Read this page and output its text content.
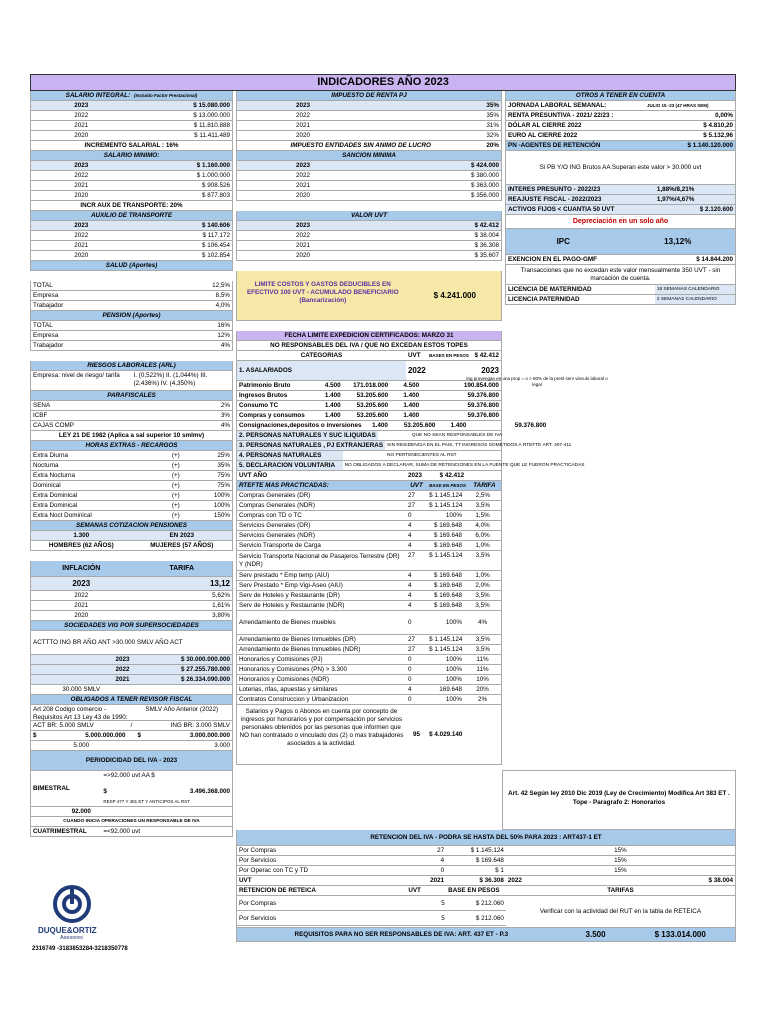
INDICADORES AÑO 2023
SALARIO INTEGRAL: (Incluido Factor Prestacional)
2023	$ 15.080.000
2022	$ 13.000.000
2021	$ 11.810.888
2020	$ 11.411.489
INCREMENTO SALARIAL : 16%
SALARIO MINIMO:
2023	$ 1.160.000
2022	$ 1.000.000
2021	$ 908.526
2020	$ 877.803
INCR AUX DE TRANSPORTE: 20%
AUXILIO DE TRANSPORTE
2023	$ 140.606
2022	$ 117.172
2021	$ 106.454
2020	$ 102.854
SALUD (Aportes)
TOTAL	12,5%
Empresa	8,5%
Trabajador	4,0%
PENSION (Aportes)
TOTAL	16%
Empresa	12%
Trabajador	4%
RIESGOS LABORALES (ARL)
Empresa: nivel de riesgo/ tarifa	I. (0,522%) II. (1,044%) III. (2,436%) IV. (4,350%)
PARAFISCALES
SENA	2%
ICBF	3%
CAJAS COMP	4%
LEY 21 DE 1982 (Aplica a sal superior 10 smlmv)
HORAS EXTRAS - RECARGOS
Extra Diurna	(+)	25%
Nocturna	(+)	35%
Extra Nocturna	(+)	75%
Dominical	(+)	75%
Extra Dominical	(+)	100%
Extra Dominical	(+)	100%
Extra Noct Dominical	(+)	150%
SEMANAS COTIZACION PENSIONES
1.300	EN 2023
HOMBRES (62 AÑOS)	MUJERES (57 AÑOS)
INFLACIÓN	TARIFA
2023	13,12
2022	5,62%
2021	1,61%
2020	3,80%
SOCIEDADES VIG POR SUPERSOCIEDADES
ACTTTO ING BR AÑO ANT >30.000 SMLV AÑO ACT
2023	$ 30.000.000.000
2022	$ 27.255.780.000
2021	$ 26.334.090.000
30.000 SMLV
OBLIGADOS A TENER REVISOR FISCAL
Art 208 Codigo comercio - Requisitos Art 13 Ley 43 de 1990:
SMLV Año Anterior (2022)
ACT BR: 5.000 SMLV	/	ING BR: 3.000 SMLV
$	5.000.000.000	$	3.000.000.000
5.000	3.000
PERIODICIDAD DEL IVA - 2023
BIMESTRAL
=>92.000 uvt AA $
$	3.496.368.000
RESP 477 Y 481 ET Y ANTICIPOS AL RST
92.000
CUANDO INICIA OPERACIONES UN RESPONSABLE DE IVA
CUATRIMESTRAL	=<92.000 uvt
IMPUESTO DE RENTA PJ
2023	35%
2022	35%
2021	31%
2020	32%
IMPUESTO ENTIDADES SIN ANIMO DE LUCRO	20%
SANCION MINIMA
2023	$ 424.000
2022	$ 380.000
2021	$ 363.000
2020	$ 356.000
VALOR UVT
2023	$ 42.412
2022	$ 38.004
2021	$ 36.308
2020	$ 35.607
LIMITE COSTOS Y GASTOS DEDUCIBLES EN EFECTIVO 100 UVT - ACUMULADO BENEFICIARIO (Bancarización)
$ 4.241.000
FECHA LIMITE EXPEDICION CERTIFICADOS: MARZO 31
NO RESPONSABLES DEL IVA / QUE NO EXCEDAN ESTOS TOPES
CATEGORIAS	UVT	BASES EN PESOS $ 42.412
1. ASALARIADOS	2022	2023
Patrimonio Bruto	4.500	171.018.000	4.500	190.854.000
Ingresos Brutos	1.400	53.205.600	1.400	59.376.800
Consumo TC	1.400	53.205.600	1.400	59.376.800
Compras y consumos	1.400	53.205.600	1.400	59.376.800
Consignaciones,depositos o inversiones	1.400	53.205.600	1.400	59.376.800
2. PERSONAS NATURALES Y SUC ILIQUIDAS	QUE NO SEAN RESPONSABLES DE IVA
3. PERSONAS NATURALES , PJ EXTRANJERAS SIN RESIDENCIA EN EL PAIS, TT INGRESOS SOMETIDOS A RTEFTE ART. 407-411
4. PERSONAS NATURALES	NO PERTENECIENTES AL RST
5. DECLARACION VOLUNTARIA	NO OBLIGADOS A DECLARAR, SUMA DE RETENCIONES EN LA FUENTE QUE LE FUERON PRACTICADAS
UVT AÑO	2023	$ 42.412
RTEFTE MAS PRACTICADAS:	UVT	BASE EN PESOS	TARIFA
Compras Generales (DR)	27	$ 1.145.124	2,5%
Compras Generales (NDR)	27	$ 1.145.124	3,5%
Compras con TD o TC	0	100%	1,5%
Servicios Generales (DR)	4	$ 169.648	4,0%
Servicios Generales (NDR)	4	$ 169.648	6,0%
Servicio Transporte de Carga	4	$ 169.648	1,0%
Servicio Transporte Nacional de Pasajeros Terrestre (DR) Y (NDR)
27	$ 1.145.124	3,5%
Serv prestado * Emp temp (AIU)	4	$ 169.648	1,0%
Serv Prestado * Emp Vigi-Aseo (AIU)	4	$ 169.648	2,0%
Serv de Hoteles y Restaurante (DR)	4	$ 169.648	3,5%
Serv de Hoteles y Restaurante (NDR)	4	$ 169.648	3,5%
Arrendamiento de Bienes muebles	0	100%	4%
Arrendamiento de Bienes Inmuebles (DR)	27	$ 1.145.124	3,5%
Arrendamiento de Bienes Inmuebles (NDR)	27	$ 1.145.124	3,5%
Honorarios y Comisiones (PJ)	0	100%	11%
Honorarios y Comisiones (PN) > 3.300	0	100%	11%
Honorarios y Comisiones (NDR)	0	100%	10%
Loterias, rifas, apuestas y similares	4	169.648	20%
Contratos Construccion y Urbanizacion	0	100%	2%
Salarios y Pagos o Abonos en cuenta por concepto de ingresos por honorarios y por compensación por servicios personales obtenidos por las personas que informen que NO han contratado o vinculado dos (2) o mas trabajadores asociados a la actividad.
95	$ 4.029.140
OTROS A TENER EN CUENTA
JORNADA LABORAL SEMANAL:	JULIO 15 -23 (47 HRAS SEM)
RENTA PRESUNTIVA - 2021/ 22/23 :	0,00%
DÓLAR AL CIERRE 2022	$ 4.810,20
EURO AL CIERRE 2022	$ 5.132,96
PN -AGENTES DE RETENCIÓN	$ 1.140.120.000
Si PB Y/O ING Brutos AA Superan este valor > 30.000 uvt
INTERES PRESUNTO - 2022/23	1,88%/8,21%
REAJUSTE FISCAL - 2022/2023	1,97%/4,67%
ACTIVOS FIJOS < CUANTIA 50 UVT	$ 2.120.600
Depreciación en un solo año
IPC	13,12%
EXENCION EN EL PAGO-GMF	$ 14.844.200
Transacciones que no excedan este valor mensualmente 350 UVT - sin marcación de cuenta.
LICENCIA DE MATERNIDAD	18 SEMANAS CALENDARIO
LICENCIA PATERNIDAD	2 SEMANAS CALENDARIO
Art. 42 Según ley 2010 Dic 2019 (Ley de Crecimiento) Modifica Art 383 ET . Tope - Paragrafo 2: Honorarios
RETENCION DEL IVA - PODRA SE HASTA DEL 50% PARA 2023 : ART437-1 ET
Por Compras	27	$ 1.145.124	15%
Por Servicios	4	$ 169.648	15%
Por Operac con TC y TD	0	$ 1	15%
UVT	2021	$ 36.308 2022	$ 38.004
RETENCION DE RETEICA	UVT	BASE EN PESOS	TARIFAS
Por Compras	5	$ 212.060
Por Servicios	5	$ 212.060
Verificar con la actividad del RUT en la tabla de RETEICA
REQUISITOS PARA NO SER RESPONSABLES DE IVA: ART. 437 ET - P.3	3.500	$ 133.014.000
DUQUE&ORTIZ
Asesores
2316749 -3183853284-3218350778
Ing provengan en una prop = o > 80% de la prest serv vinculo laboral o legal
